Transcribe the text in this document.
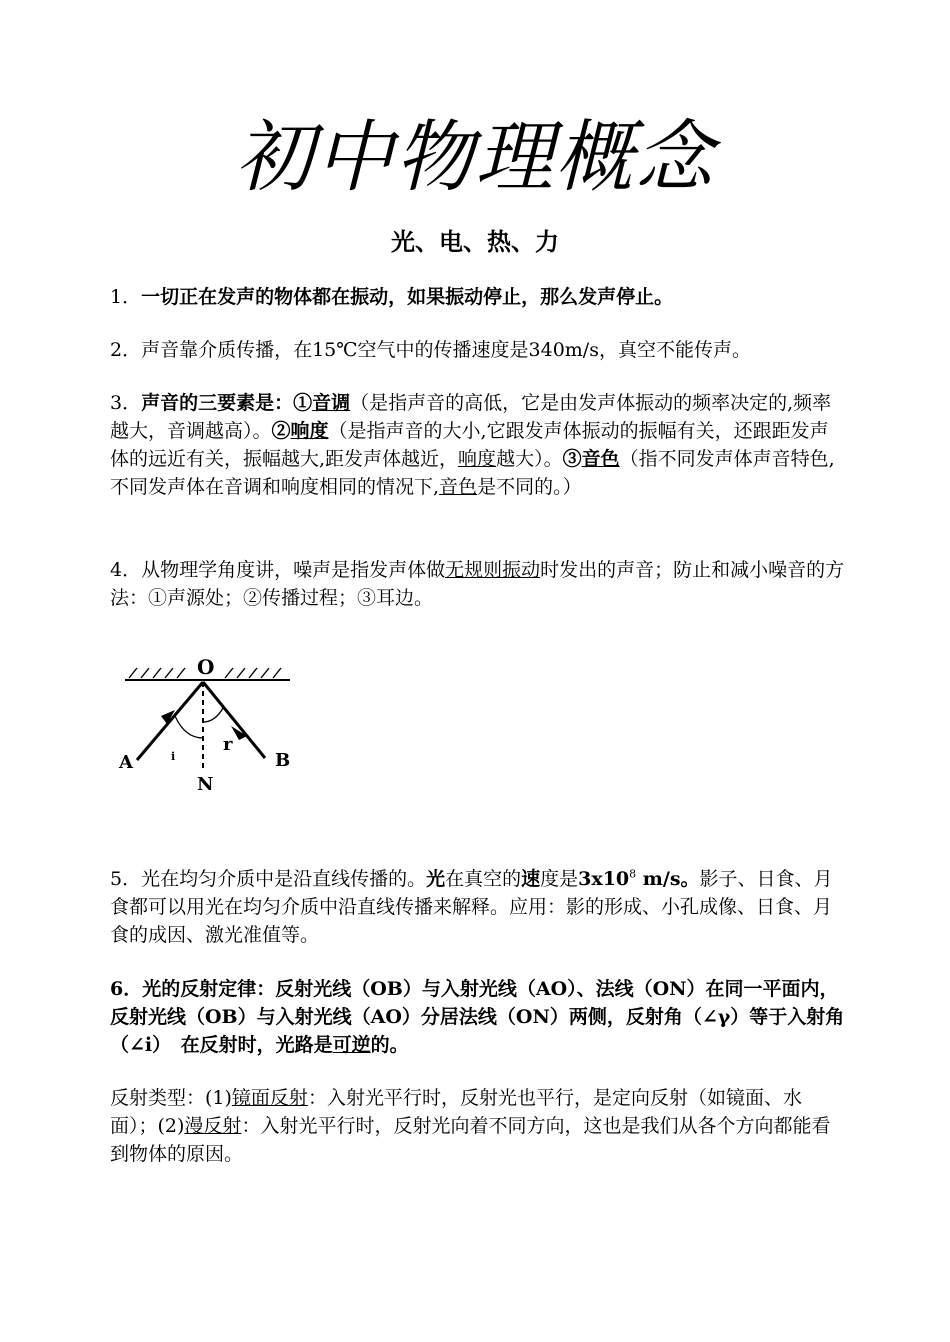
初中物理概念
光、电、热、力
1．一切正在发声的物体都在振动，如果振动停止，那么发声停止。
2．声音靠介质传播，在15℃空气中的传播速度是340m/s，真空不能传声。
3．声音的三要素是：①音调（是指声音的高低，它是由发声体振动的频率决定的,频率越大，音调越高）。②响度（是指声音的大小,它跟发声体振动的振幅有关，还跟距发声体的远近有关，振幅越大,距发声体越近，响度越大）。③音色（指不同发声体声音特色,不同发声体在音调和响度相同的情况下,音色是不同的。）
4．从物理学角度讲，噪声是指发声体做无规则振动时发出的声音；防止和减小噪音的方法：①声源处；②传播过程；③耳边。
O
A	B
N
r
i
5．光在均匀介质中是沿直线传播的。光在真空的速度是$3x10^8$ m/s。影子、日食、月食都可以用光在均匀介质中沿直线传播来解释。应用：影的形成、小孔成像、日食、月食的成因、激光准值等。
6．光的反射定律：反射光线（OB）与入射光线（AO）、法线（ON）在同一平面内，反射光线（OB）与入射光线（AO）分居法线（ON）两侧，反射角（∠γ）等于入射角（∠i）　在反射时，光路是可逆的。
反射类型：(1)镜面反射：入射光平行时，反射光也平行，是定向反射（如镜面、水面）；(2)漫反射：入射光平行时，反射光向着不同方向，这也是我们从各个方向都能看到物体的原因。
